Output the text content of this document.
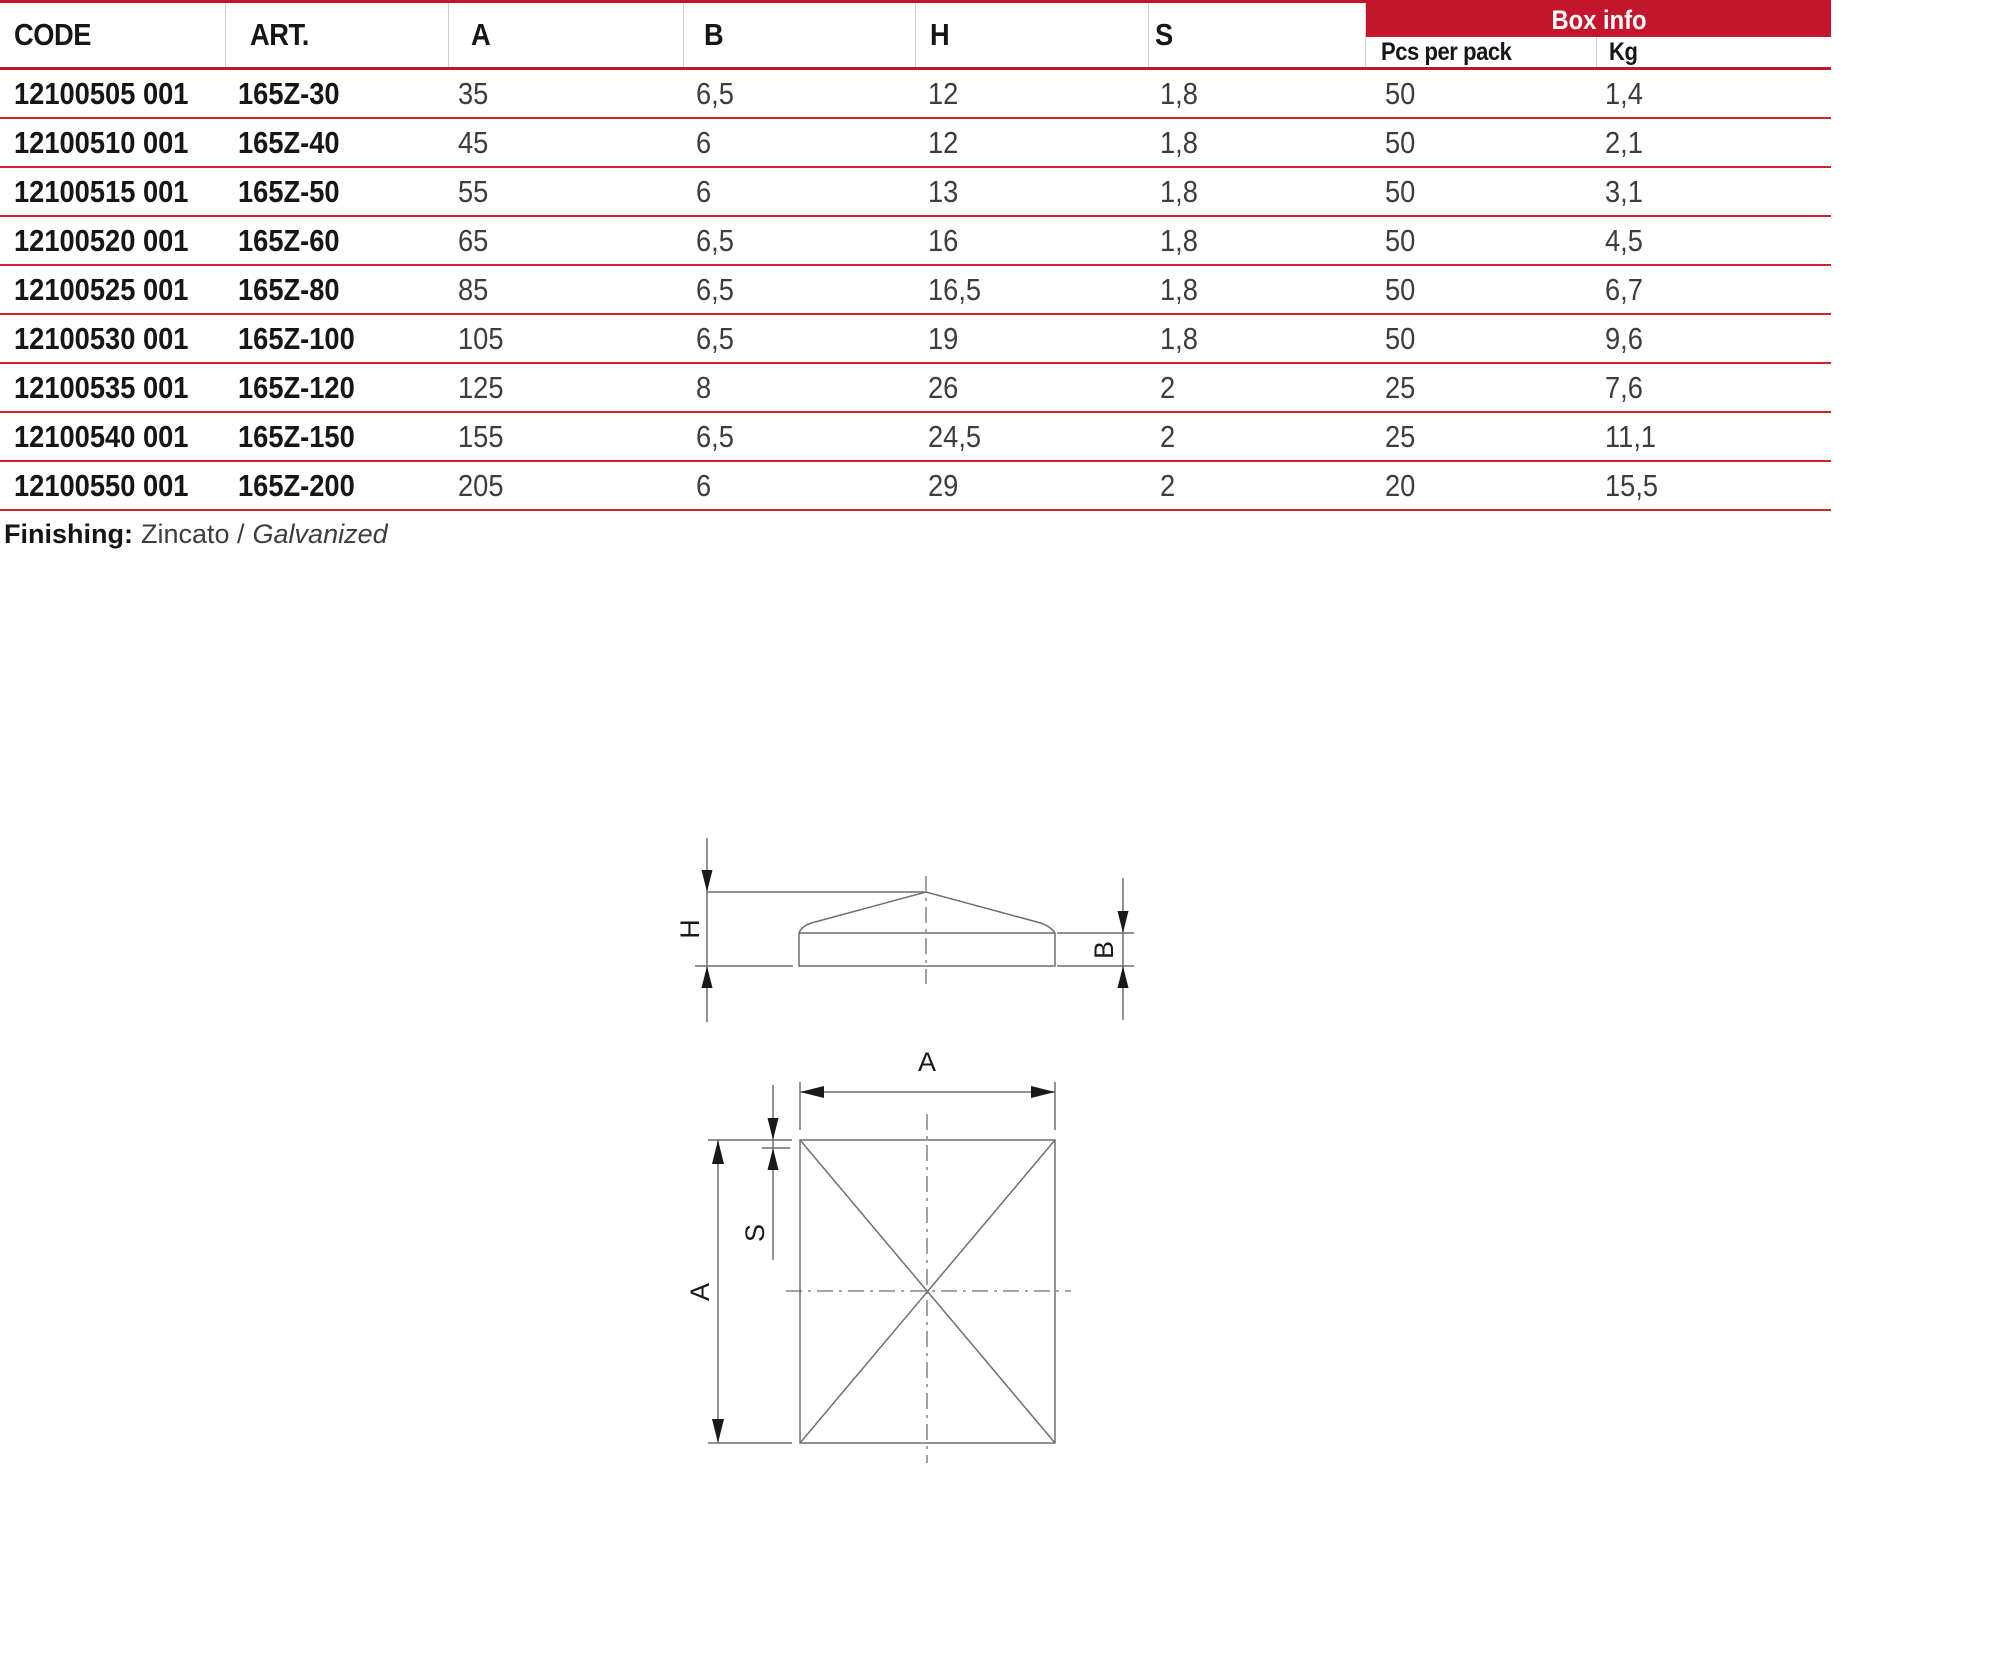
CODE	ART.	A	B	H	S	Box info
Pcs per pack	Kg
12100505 001 165Z-30	35	6,5	12	1,8	50	1,4
12100510 001 165Z-40	45	6	12	1,8	50	2,1
12100515 001 165Z-50	55	6	13	1,8	50	3,1
12100520 001 165Z-60	65	6,5	16	1,8	50	4,5
12100525 001 165Z-80	85	6,5	16,5	1,8	50	6,7
12100530 001 165Z-100	105	6,5	19	1,8	50	9,6
12100535 001 165Z-120	125	8	26	2	25	7,6
12100540 001 165Z-150	155	6,5	24,5	2	25	11,1
12100550 001 165Z-200	205	6	29	2	20	15,5
Finishing: Zincato / Galvanized
H
B
A
A
S
